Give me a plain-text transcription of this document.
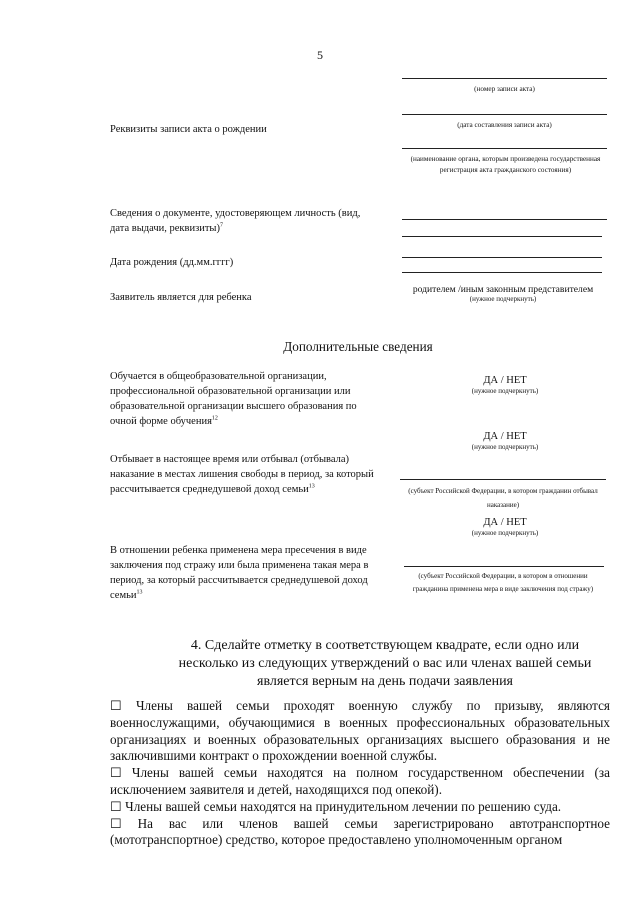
5
(номер записи акта)
(дата составления записи акта)
Реквизиты записи акта о рождении
(наименование органа, которым произведена государственная регистрация акта гражданского состояния)
Сведения о документе, удостоверяющем личность (вид, дата выдачи, реквизиты)$^7$
Дата рождения (дд.мм.гггг)
Заявитель является для ребенка
родителем /иным законным представителем
(нужное подчеркнуть)
Дополнительные сведения
Обучается в общеобразовательной организации, профессиональной образовательной организации или образовательной организации высшего образования по очной форме обучения$^{12}$
ДА / НЕТ
(нужное подчеркнуть)
ДА / НЕТ
(нужное подчеркнуть)
Отбывает в настоящее время или отбывал (отбывала) наказание в местах лишения свободы в период, за который рассчитывается среднедушевой доход семьи$^{13}$
(субъект Российской Федерации, в котором гражданин отбывал наказание)
ДА / НЕТ
(нужное подчеркнуть)
В отношении ребенка применена мера пресечения в виде заключения под стражу или была применена такая мера в период, за который рассчитывается среднедушевой доход семьи$^{13}$
(субъект Российской Федерации, в котором в отношении гражданина применена мера в виде заключения под стражу)
4. Сделайте отметку в соответствующем квадрате, если одно или несколько из следующих утверждений о вас или членах вашей семьи является верным на день подачи заявления
☐ Члены вашей семьи проходят военную службу по призыву, являются военнослужащими, обучающимися в военных профессиональных образовательных организациях и военных образовательных организациях высшего образования и не заключившими контракт о прохождении военной службы.
☐ Члены вашей семьи находятся на полном государственном обеспечении (за исключением заявителя и детей, находящихся под опекой).
☐ Члены вашей семьи находятся на принудительном лечении по решению суда.
☐ На вас или членов вашей семьи зарегистрировано автотранспортное (мототранспортное) средство, которое предоставлено уполномоченным органом
